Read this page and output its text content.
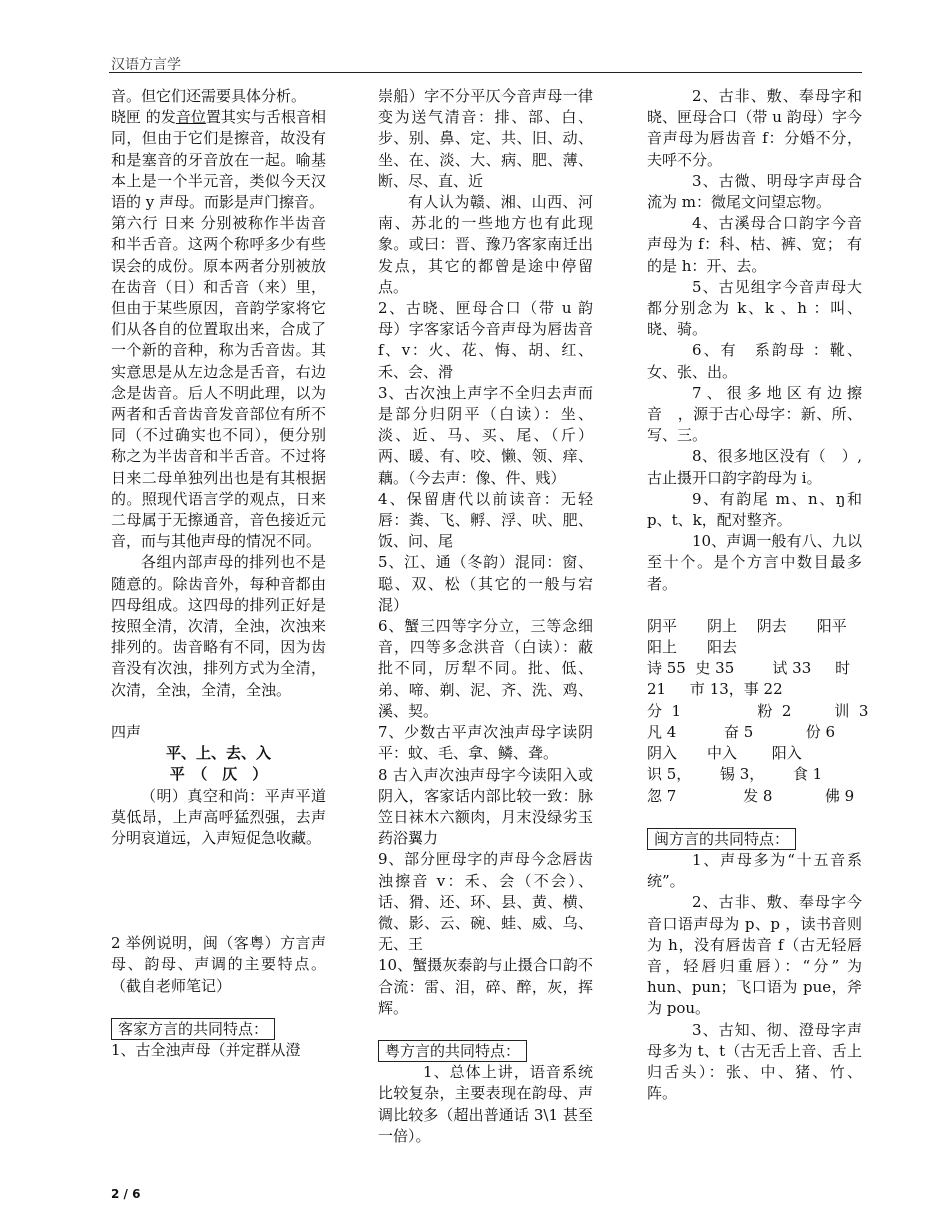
汉语方言学

音。但它们还需要具体分析。

晓匣 的发音位置其实与舌根音相同，但由于它们是擦音，故没有和是塞音的牙音放在一起。喻基本上是一个半元音，类似今天汉语的 y 声母。而影是声门擦音。

第六行 日来 分别被称作半齿音和半舌音。这两个称呼多少有些误会的成份。原本两者分别被放在齿音（日）和舌音（来）里，但由于某些原因，音韵学家将它们从各自的位置取出来，合成了一个新的音种，称为舌音齿。其实意思是从左边念是舌音，右边念是齿音。后人不明此理，以为两者和舌音齿音发音部位有所不同（不过确实也不同），便分别称之为半齿音和半舌音。不过将日来二母单独列出也是有其根据的。照现代语言学的观点，日来二母属于无擦通音，音色接近元音，而与其他声母的情况不同。

各组内部声母的排列也不是随意的。除齿音外，每种音都由四母组成。这四母的排列正好是按照全清，次清，全浊，次浊来排列的。齿音略有不同，因为齿音没有次浊，排列方式为全清，次清，全浊，全清，全浊。

四声

平、上、去、入

平　（　仄　）

（明）真空和尚：平声平道莫低昂，上声高呼猛烈强，去声分明哀道远，入声短促急收藏。

2 举例说明，闽（客粤）方言声母、韵母、声调的主要特点。（截自老师笔记）

客家方言的共同特点：

1、古全浊声母（并定群从澄

崇船）字不分平仄今音声母一律变为送气清音：排、部、白、步、别、鼻、定、共、旧、动、坐、在、淡、大、病、肥、薄、断、尽、直、近

有人认为赣、湘、山西、河南、苏北的一些地方也有此现象。或曰：晋、豫乃客家南迁出发点，其它的都曾是途中停留点。

2、古晓、匣母合口（带 u 韵母）字客家话今音声母为唇齿音 f、v：火、花、悔、胡、红、禾、会、滑

3、古次浊上声字不全归去声而是部分归阴平（白读）：坐、淡、近、马、买、尾、（斤）两、暖、有、咬、懒、领、痒、藕。（今去声：像、件、贱）

4、保留唐代以前读音：无轻唇：粪、飞、孵、浮、吠、肥、饭、问、尾

5、江、通（冬韵）混同：窗、聪、双、松（其它的一般与宕混）

6、蟹三四等字分立，三等念细音，四等多念洪音（白读）：蔽批不同，厉犁不同。批、低、弟、啼、剃、泥、齐、洗、鸡、溪、契。

7、少数古平声次浊声母字读阴平：蚊、毛、拿、鳞、聋。

8 古入声次浊声母字今读阳入或阴入，客家话内部比较一致：脉笠日袜木六额肉，月末没绿劣玉药浴翼力

9、部分匣母字的声母今念唇齿浊擦音 v：禾、会（不会）、话、猾、还、环、县、黄、横、微、影、云、碗、蛙、威、乌、无、王

10、蟹摄灰泰韵与止摄合口韵不合流：雷、泪，碎、醉，灰，挥辉。

粤方言的共同特点：

1、总体上讲，语音系统比较复杂，主要表现在韵母、声调比较多（超出普通话 3\1 甚至一倍）。

2、古非、敷、奉母字和晓、匣母合口（带 u 韵母）字今音声母为唇齿音 f：分婚不分，夫呼不分。

3、古微、明母字声母合流为 m：微尾文问望忘物。

4、古溪母合口韵字今音声母为 f：科、枯、裤、宽； 有的是 h：开、去。

5、古见组字今音声母大都分别念为 k、k 、h ：叫、晓、骑。

6、有　系韵母 ：靴、女、张、出。

7、很多地区有边擦音　，源于古心母字：新、所、写、三。

8、很多地区没有（　）,古止摄开口韵字韵母为 i。

9、有韵尾 m、n、ŋ和 p、t、k，配对整齐。

10、声调一般有八、九以至十个。是个方言中数目最多者。

阴平　　阴上　 阴去　　阳平

阳上　　阳去

诗 55  史 35        试 33     时

21     市 13，事 22

分  1                粉  2         训  3

凡 4          奋 5           份 6

阴入　　中入　　 阳入

识 5，      锡 3，      食 1

忽 7              发 8           佛 9

闽方言的共同特点：

1、声母多为“十五音系统”。

2、古非、敷、奉母字今音口语声母为 p、p ，读书音则为 h，没有唇齿音 f（古无轻唇音，轻唇归重唇）：“分” 为 hun、pun；飞口语为 pue，斧为 pou。

3、古知、彻、澄母字声母多为 t、t（古无舌上音、舌上归舌头）：张、中、猪、竹、阵。

2 / 6
